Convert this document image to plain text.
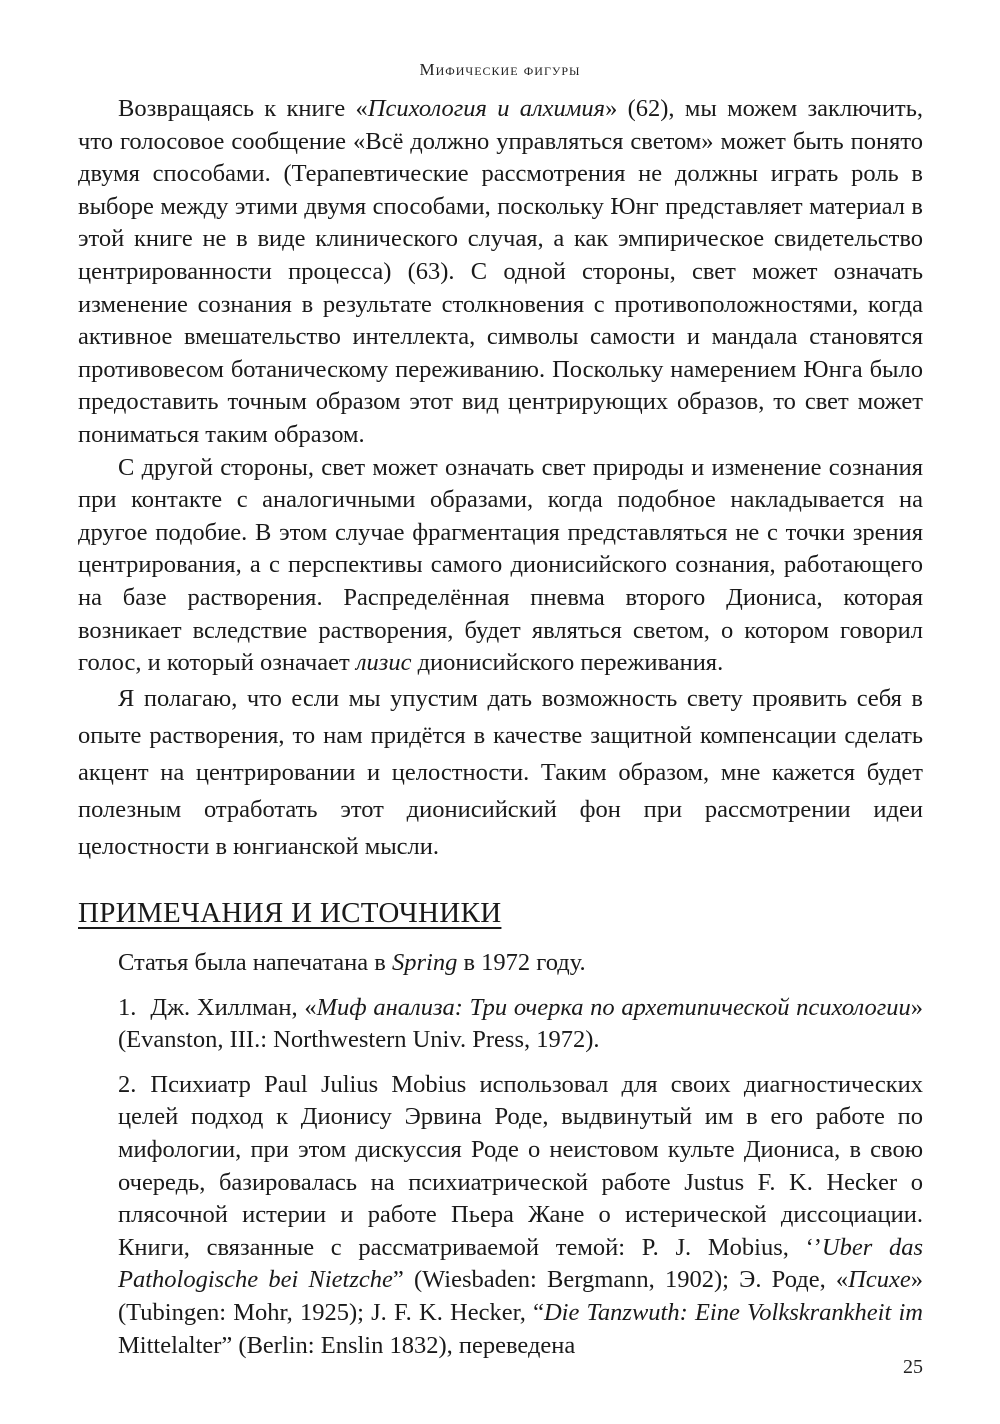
Мифические фигуры

Возвращаясь к книге «Психология и алхимия» (62), мы можем заключить, что голосовое сообщение «Всё должно управляться светом» может быть понято двумя способами. (Терапевтические рассмотрения не должны играть роль в выборе между этими двумя способами, поскольку Юнг представляет материал в этой книге не в виде клинического случая, а как эмпирическое свидетельство центрированности процесса) (63). С одной стороны, свет может означать изменение сознания в результате столкновения с противоположностями, когда активное вмешательство интеллекта, символы самости и мандала становятся противовесом ботаническому переживанию. Поскольку намерением Юнга было предоставить точным образом этот вид центрирующих образов, то свет может пониматься таким образом.

С другой стороны, свет может означать свет природы и изменение сознания при контакте с аналогичными образами, когда подобное накладывается на другое подобие. В этом случае фрагментация представляться не с точки зрения центрирования, а с перспективы самого дионисийского сознания, работающего на базе растворения. Распределённая пневма второго Диониса, которая возникает вследствие растворения, будет являться светом, о котором говорил голос, и который означает лизис дионисийского переживания.

Я полагаю, что если мы упустим дать возможность свету проявить себя в опыте растворения, то нам придётся в качестве защитной компенсации сделать акцент на центрировании и целостности. Таким образом, мне кажется будет полезным отработать этот дионисийский фон при рассмотрении идеи целостности в юнгианской мысли.

ПРИМЕЧАНИЯ И ИСТОЧНИКИ

Статья была напечатана в Spring в 1972 году.

1. Дж. Хиллман, «Миф анализа: Три очерка по архетипической психологии» (Evanston, III.: Northwestern Univ. Press, 1972).

2. Психиатр Paul Julius Mobius использовал для своих диагностических целей подход к Дионису Эрвина Роде, выдвинутый им в его работе по мифологии, при этом дискуссия Роде о неистовом культе Диониса, в свою очередь, базировалась на психиатрической работе Justus F. K. Hecker о плясочной истерии и работе Пьера Жане о истерической диссоциации. Книги, связанные с рассматриваемой темой: P. J. Mobius, ‘’Uber das Pathologische bei Nietzche” (Wiesbaden: Bergmann, 1902); Э. Роде, «Психе» (Tubingen: Mohr, 1925); J. F. K. Hecker, “Die Tanzwuth: Eine Volkskrankheit im Mittelalter” (Berlin: Enslin 1832), переведена

25
